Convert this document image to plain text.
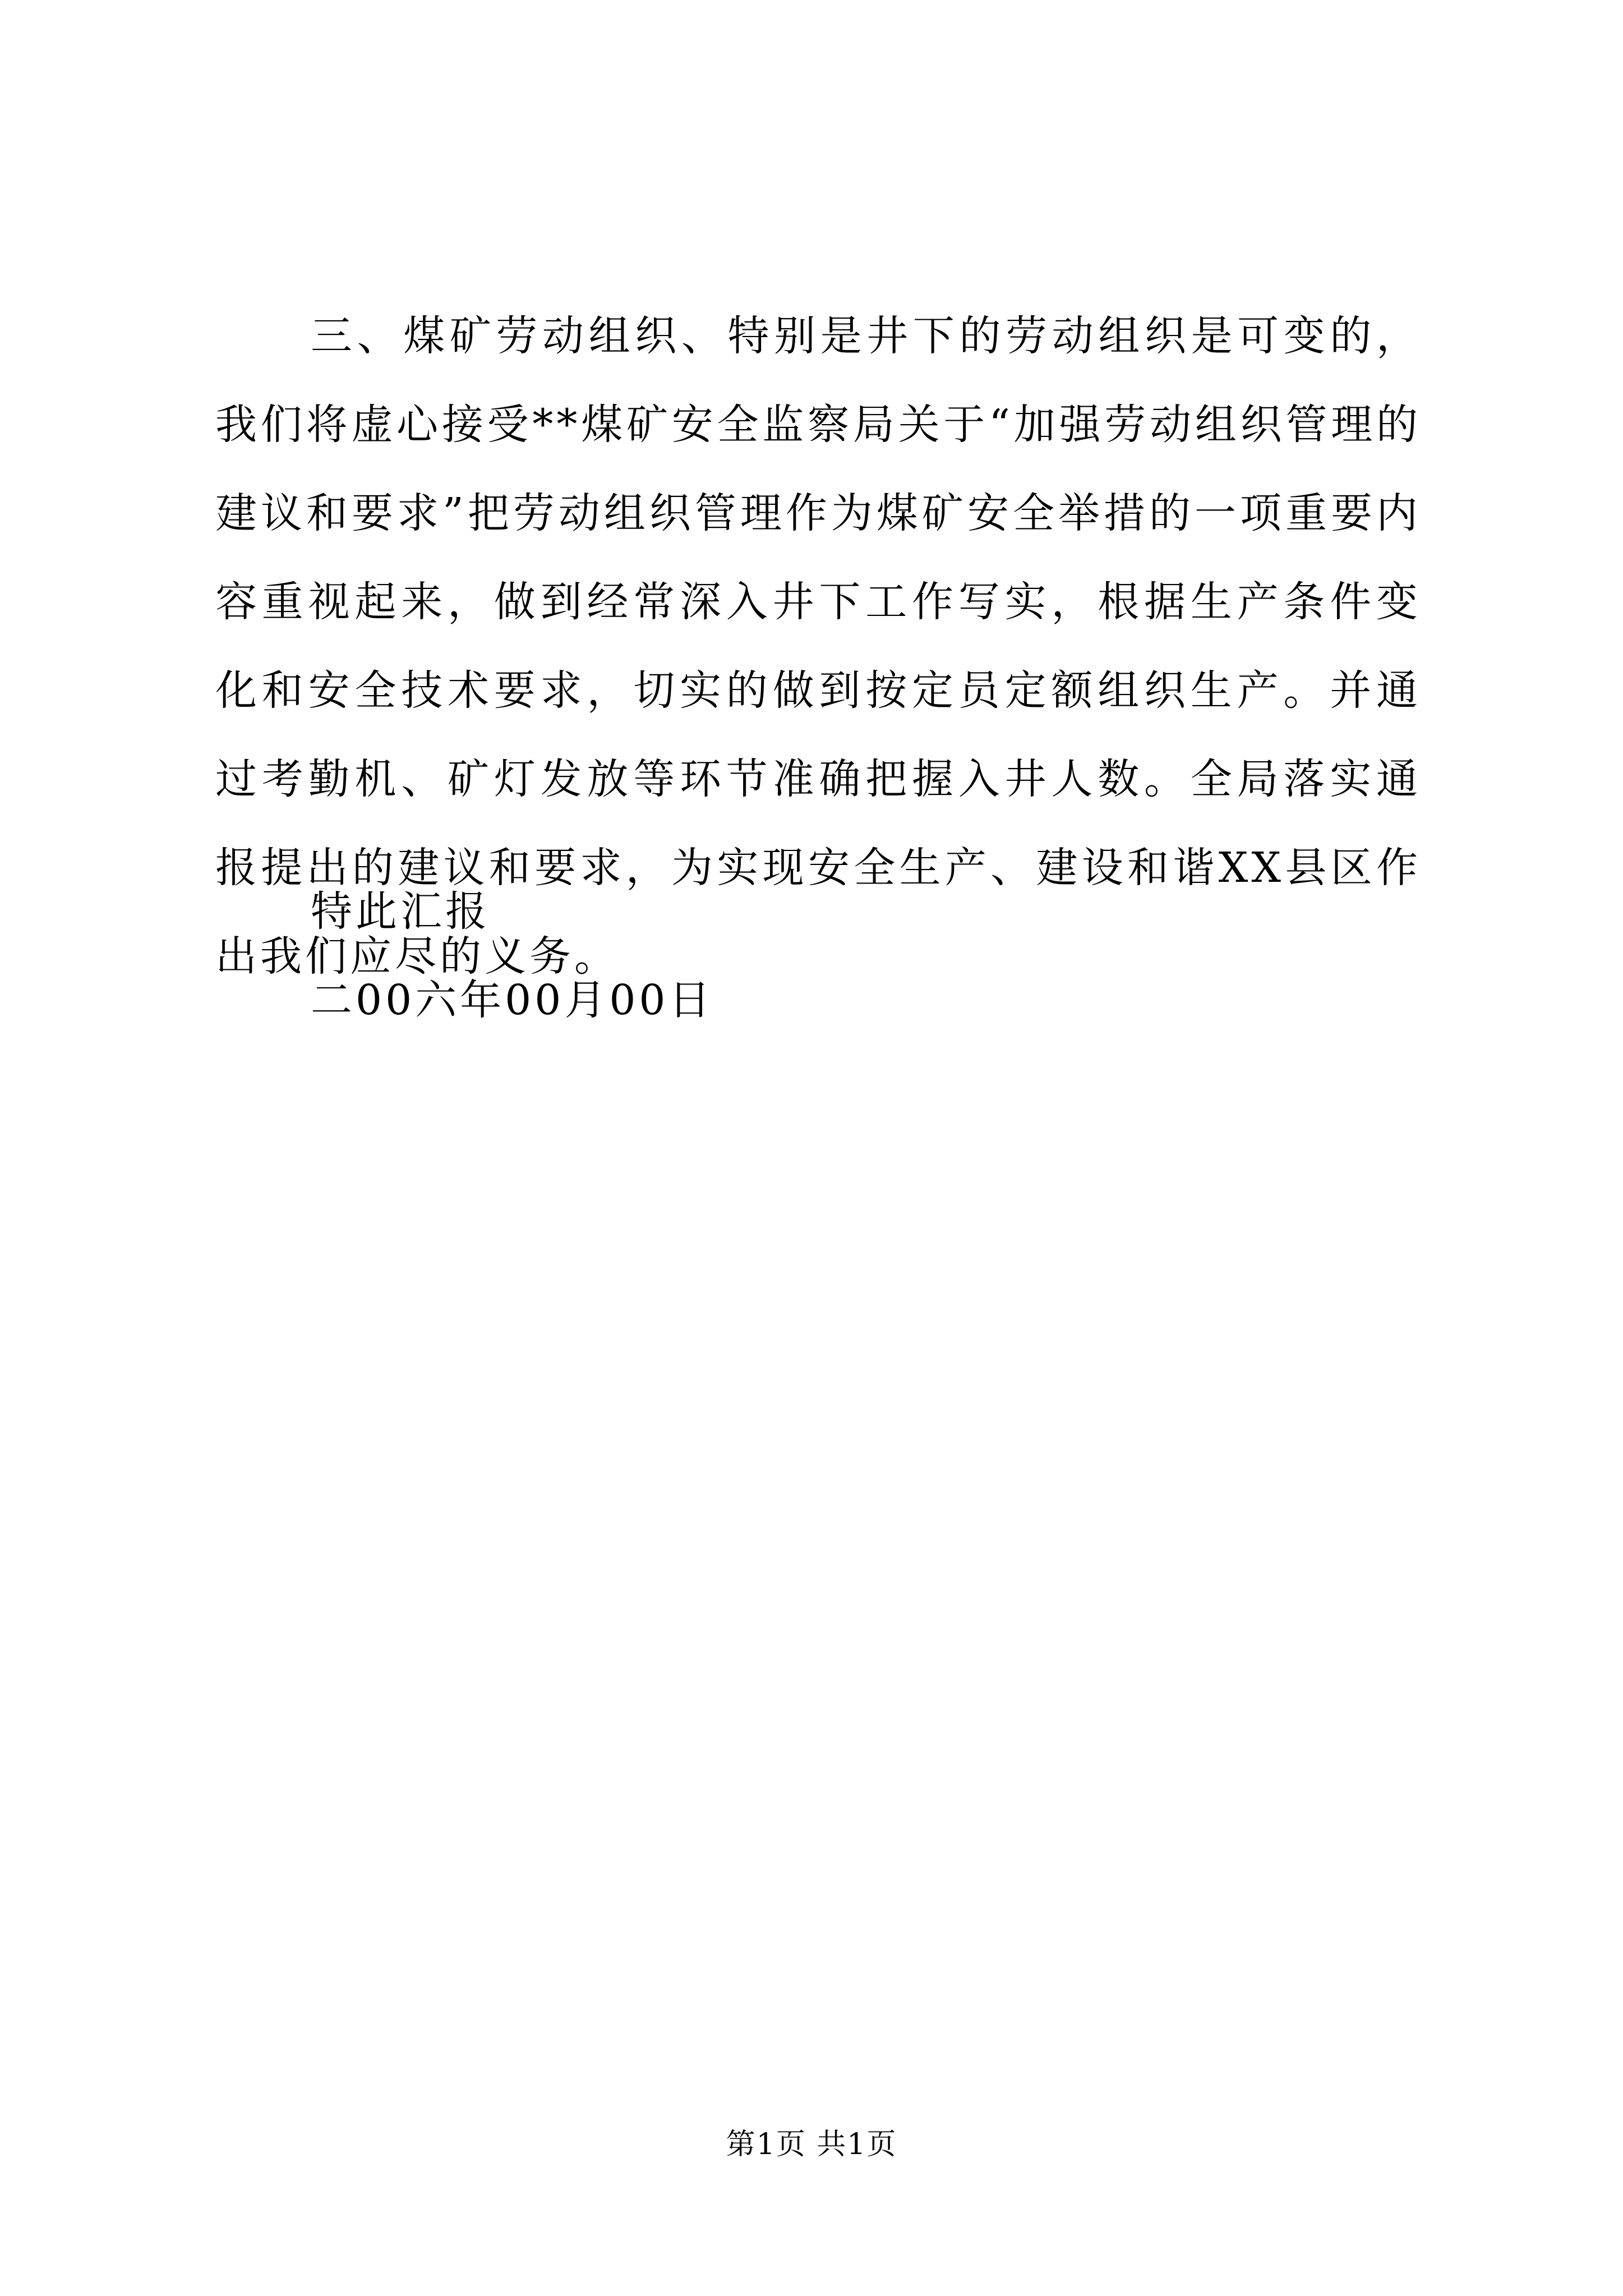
三、煤矿劳动组织、特别是井下的劳动组织是可变的，我们将虚心接受**煤矿安全监察局关于“加强劳动组织管理的建议和要求”把劳动组织管理作为煤矿安全举措的一项重要内容重视起来，做到经常深入井下工作写实，根据生产条件变化和安全技术要求，切实的做到按定员定额组织生产。并通过考勤机、矿灯发放等环节准确把握入井人数。全局落实通报提出的建议和要求，为实现安全生产、建设和谐XX县区作出我们应尽的义务。

特此汇报

二00六年00月00日

第1页 共1页
